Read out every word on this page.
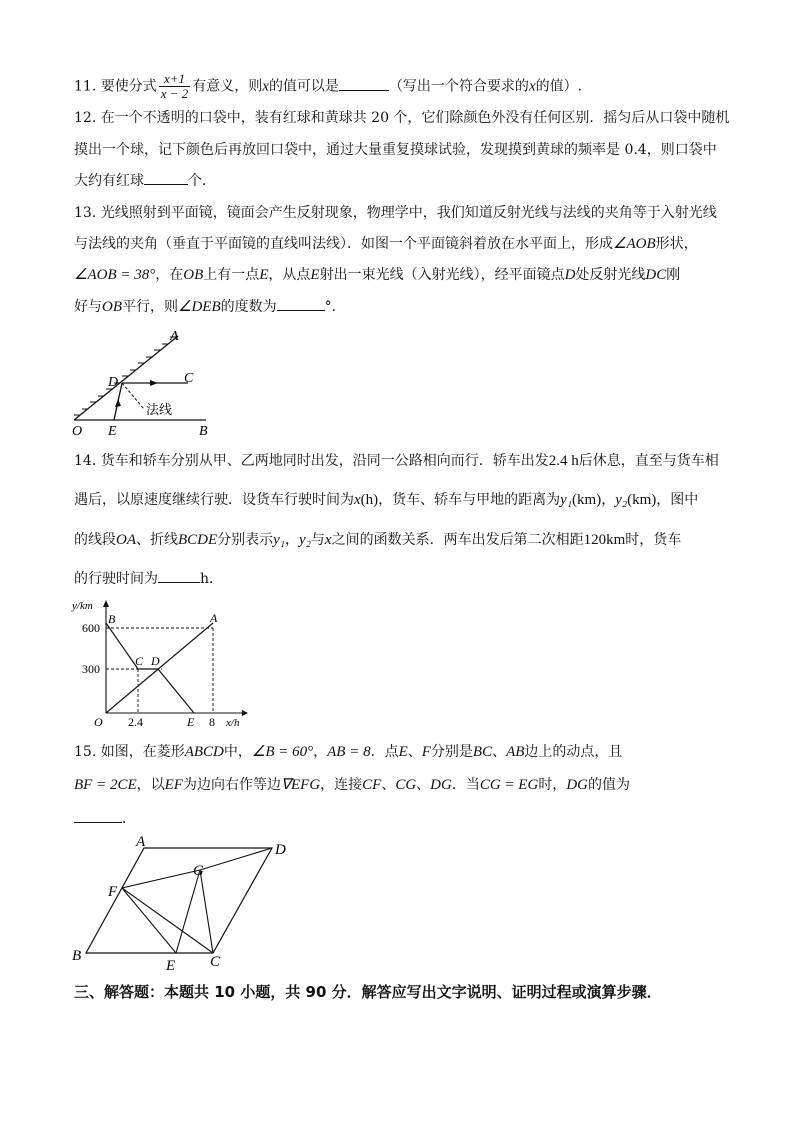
11. 要使分式 $\frac{x+1}{x - 2}$ 有意义，则x的值可以是	（写出一个符合要求的x的值）.
12. 在一个不透明的口袋中，装有红球和黄球共 20 个，它们除颜色外没有任何区别．摇匀后从口袋中随机
摸出一个球，记下颜色后再放回口袋中，通过大量重复摸球试验，发现摸到黄球的频率是 0.4，则口袋中
大约有红球	个．
13. 光线照射到平面镜，镜面会产生反射现象，物理学中，我们知道反射光线与法线的夹角等于入射光线
与法线的夹角（垂直于平面镜的直线叫法线）．如图一个平面镜斜着放在水平面上，形成∠AOB形状，
∠AOB = 38°，在OB上有一点E，从点E射出一束光线（入射光线），经平面镜点D处反射光线DC刚
好与OB平行，则∠DEB的度数为	°．
A
D	C
O E	B
法线
14. 货车和轿车分别从甲、乙两地同时出发，沿同一公路相向而行．轿车出发2.4 h后休息，直至与货车相
遇后，以原速度继续行驶．设货车行驶时间为x(h)，货车、轿车与甲地的距离为y₁(km)，y₂(km)，图中
的线段OA、折线BCDE分别表示y₁，y₂与x之间的函数关系．两车出发后第二次相距120km时，货车
的行驶时间为	h．
y/km
x/h
600
300
2.4	8
O
B	A
C D
E
15. 如图，在菱形ABCD中，∠B = 60°，AB = 8．点E、F分别是BC、AB边上的动点，且
BF = 2CE，以EF为边向右作等边∇EFG，连接CF、CG、DG．当CG = EG时，DG的值为
．
A	D
G
F
B
E C
三、解答题：本题共 10 小题，共 90 分．解答应写出文字说明、证明过程或演算步骤．
